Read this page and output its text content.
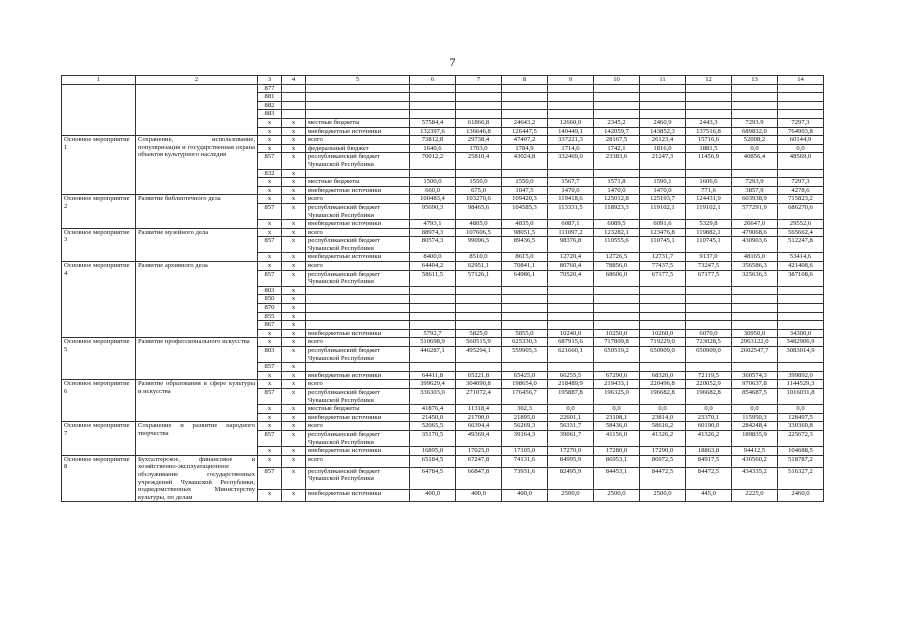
7
1	2	3	4	5	6	7	8	9	10	11	12	13	14
		877											
		881											
		882											
		883											
		х	х	местные бюджеты	57584,4	61866,8	24643,2	12660,0	2345,2	2460,9	2443,3	7293.9	7297,3
		х	х	внебюджетные источники	132397,6	136646,8	126447,5	140449,1	142059,7	143852,3	137516,8	689832,0	764903,8
Основное мероприятие 1	Сохранение, использование, популяризация и государственная охрана объектов культурного наследия	х	х	всего	73812,8	29738,4	47407,2	337221,3	28167,5	26123,4	15716,6	52008,2	60144,9
		х	х	федеральный бюджет	1640,6	1703,0	1784,9	1714,6	1742,1	1816,0	1881,5	0,0	0,0
		857	х	республиканский бюджет Чувашской Республики	70012,2	25810,4	43024,8	332469,0	23383,6	21247,3	11456,9	40856,4	48569,0
		832	х										
		х	х	местные бюджеты	1500,0	1550,0	1550,0	1567,7	1571,8	1590,1	1606,6	7293,9	7297,3
		х	х	внебюджетные источники	660,0	675,0	1047,5	1470,0	1470,0	1470,0	771,6	3857,9	4278,6
Основное мероприятие 2	Развитие библиотечного дела	х	х	всего	100483,4	103270,6	109420,3	119418,6	125012,8	125193,7	124431,9	603938,9	715823,2
		857	х	республиканский бюджет Чувашской Республики	95690,3	98465,6	104585,3	113331,5	118923,3	119102,1	119102,1	577291,9	686270,6
		х	х	внебюджетные источники	4793,1	4805,0	4835,0	6087,1	6089,5	6091,6	5329,8	26647,0	29552,6
Основное мероприятие 3	Развитие музейного дела	х	х	всего	88974,3	107606,5	98051,5	111097,2	123282,1	123476,8	119882,1	479068,6	565662,4
		857	х	республиканский бюджет Чувашской Республики	80574,3	99096,5	89436,5	98376,8	110555,6	110745,1	110745,1	430903,6	512247,8
		х	х	внебюджетные источники	8400,0	8510,0	8615,0	12720,4	12726,5	12731,7	9137,0	48165,0	53414,6
Основное мероприятие 4	Развитие архивного дела	х	х	всего	64404,2	62951,1	70841,1	80760,4	78856,0	77437,5	73247,5	356586,3	421408,6
		857	х	республиканский бюджет Чувашской Республики	58611,5	57126,1	64986,1	70520,4	68606,0	67177,5	67177,5	325636,3	387108,6
		803	х										
		850	х										
		870	х										
		855	х										
		867	х										
		х	х	внебюджетные источники	5792,7	5825,0	5855,0	10240,0	10250,0	10260,0	6070,0	30950,0	34300,0
Основное мероприятие 5	Развитие профессионального искусства	х	х	всего	510698,9	560515,9	625330,3	687915,6	717809,8	719229,0	723028,5	2963122,0	3482906,9
		803	х	республиканский бюджет Чувашской Республики	446287,1	495294,1	559905,3	621660,1	650519,2	650909,0	650909,0	2602547,7	3083014,9
		857	х										
		х	х	внебюджетные источники	64411,8	65221,8	65425,0	66255,5	67290,6	68320,0	72119,5	360574,3	399892,0
Основное мероприятие 6	Развитие образования в сфере культуры и искусства	х	х	всего	399629,4	304090,8	198654,0	218489,9	219433,1	220496,8	220052,9	970637,8	1144529,3
		857	х	республиканский бюджет Чувашской Республики	336303,0	271072,4	176456,7	195887,8	196325,0	196682,8	196682,8	854687,5	1016031,8
		х	х	местные бюджеты	41876,4	11318,4	302,3	0,0	0,0	0,0	0,0	0,0	0,0
		х	х	внебюджетные источники	21450,0	21700,0	21895,0	22601,1	23108,1	23814,0	23370,1	115950,3	128497,5
Основное мероприятие 7	Сохранение и развитие народного творчества	х	х	всего	52065,5	66394,4	56269,3	56331,7	58436,0	58616,2	60190,0	284248,4	330360,8
		857	х	республиканский бюджет Чувашской Республики	35170,5	49369,4	39164,3	39061,7	41156,0	41326,2	41326,2	189835,9	225672,3
		х	х	внебюджетные источники	16895,0	17025,0	17105,0	17270,0	17280,0	17290,0	18863,8	94412,5	104688,5
Основное мероприятие 8	Бухгалтерское, финансовое и хозяйственно-эксплуатационное обслуживание государственных учреждений Чувашской Республики, подведомственных Министерству культуры, по делам	х	х	всего	65184,5	67247,8	74131,6	84995,9	86953,1	86972,5	84917,5	436560,2	518787,2
		857	х	республиканский бюджет Чувашской Республики	64784,5	66847,8	73931,6	82495,9	84453,1	84472,5	84472,5	434335,2	516327,2
		х	х	внебюджетные источники	400,0	400,0	400,0	2500,0	2500,0	2500,0	445,0	2225,0	2460,0
